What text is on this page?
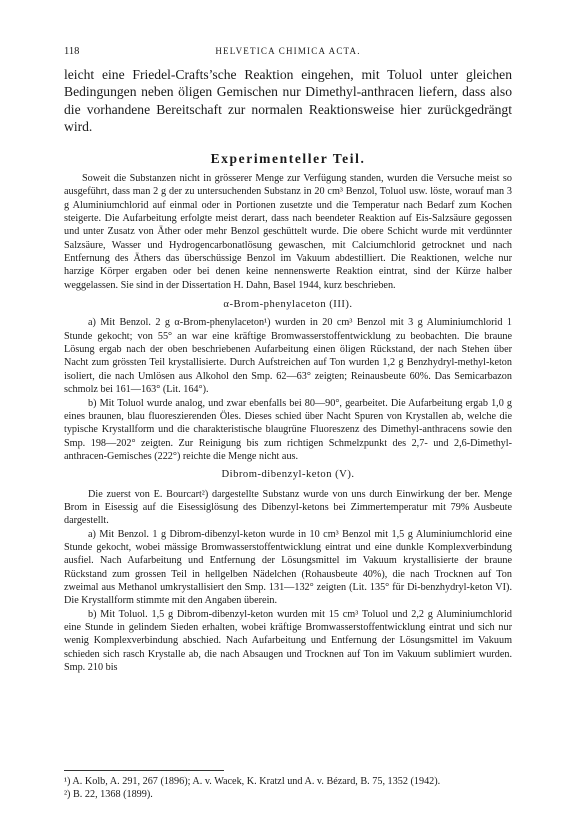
118	HELVETICA CHIMICA ACTA.

leicht eine Friedel-Crafts’sche Reaktion eingehen, mit Toluol unter gleichen Bedingungen neben öligen Gemischen nur Dimethyl-anthracen liefern, dass also die vorhandene Bereitschaft zur normalen Reaktionsweise hier zurückgedrängt wird.

Experimenteller Teil.

Soweit die Substanzen nicht in grösserer Menge zur Verfügung standen, wurden die Versuche meist so ausgeführt, dass man 2 g der zu untersuchenden Substanz in 20 cm³ Benzol, Toluol usw. löste, worauf man 3 g Aluminiumchlorid auf einmal oder in Portionen zusetzte und die Temperatur nach Bedarf zum Kochen steigerte. Die Aufarbeitung erfolgte meist derart, dass nach beendeter Reaktion auf Eis-Salzsäure gegossen und unter Zusatz von Äther oder mehr Benzol geschüttelt wurde. Die obere Schicht wurde mit verdünnter Salzsäure, Wasser und Hydrogencarbonatlösung gewaschen, mit Calciumchlorid getrocknet und nach Entfernung des Äthers das überschüssige Benzol im Vakuum abdestilliert. Die Reaktionen, welche nur harzige Körper ergaben oder bei denen keine nennenswerte Reaktion eintrat, sind der Kürze halber weggelassen. Sie sind in der Dissertation H. Dahn, Basel 1944, kurz beschrieben.

α-Brom-phenylaceton (III).

a) Mit Benzol. 2 g α-Brom-phenylaceton¹) wurden in 20 cm³ Benzol mit 3 g Aluminiumchlorid 1 Stunde gekocht; von 55° an war eine kräftige Bromwasserstoffentwicklung zu beobachten. Die braune Lösung ergab nach der oben beschriebenen Aufarbeitung einen öligen Rückstand, der nach Stehen über Nacht zum grössten Teil krystallisierte. Durch Aufstreichen auf Ton wurden 1,2 g Benzhydryl-methyl-keton isoliert, die nach Umlösen aus Alkohol den Smp. 62—63° zeigten; Reinausbeute 60%. Das Semicarbazon schmolz bei 161—163° (Lit. 164°).

b) Mit Toluol wurde analog, und zwar ebenfalls bei 80—90°, gearbeitet. Die Aufarbeitung ergab 1,0 g eines braunen, blau fluoreszierenden Öles. Dieses schied über Nacht Spuren von Krystallen ab, welche die typische Krystallform und die charakteristische blaugrüne Fluoreszenz des Dimethyl-anthracens sowie den Smp. 198—202° zeigten. Zur Reinigung bis zum richtigen Schmelzpunkt des 2,7- und 2,6-Dimethyl-anthracen-Gemisches (222°) reichte die Menge nicht aus.

Dibrom-dibenzyl-keton (V).

Die zuerst von E. Bourcart²) dargestellte Substanz wurde von uns durch Einwirkung der ber. Menge Brom in Eisessig auf die Eisessiglösung des Dibenzyl-ketons bei Zimmertemperatur mit 79% Ausbeute dargestellt.

a) Mit Benzol. 1 g Dibrom-dibenzyl-keton wurde in 10 cm³ Benzol mit 1,5 g Aluminiumchlorid eine Stunde gekocht, wobei mässige Bromwasserstoffentwicklung eintrat und eine dunkle Komplexverbindung ausfiel. Nach Aufarbeitung und Entfernung der Lösungsmittel im Vakuum krystallisierte der braune Rückstand zum grossen Teil in hellgelben Nädelchen (Rohausbeute 40%), die nach Trocknen auf Ton zweimal aus Methanol umkrystallisiert den Smp. 131—132° zeigten (Lit. 135° für Di-benzhydryl-keton VI). Die Krystallform stimmte mit den Angaben überein.

b) Mit Toluol. 1,5 g Dibrom-dibenzyl-keton wurden mit 15 cm³ Toluol und 2,2 g Aluminiumchlorid eine Stunde in gelindem Sieden erhalten, wobei kräftige Bromwasserstoffentwicklung eintrat und sich nur wenig Komplexverbindung abschied. Nach Aufarbeitung und Entfernung der Lösungsmittel im Vakuum schieden sich rasch Krystalle ab, die nach Absaugen und Trocknen auf Ton im Vakuum sublimiert wurden. Smp. 210 bis

¹) A. Kolb, A. 291, 267 (1896); A. v. Wacek, K. Kratzl und A. v. Bézard, B. 75, 1352 (1942).

²) B. 22, 1368 (1899).
